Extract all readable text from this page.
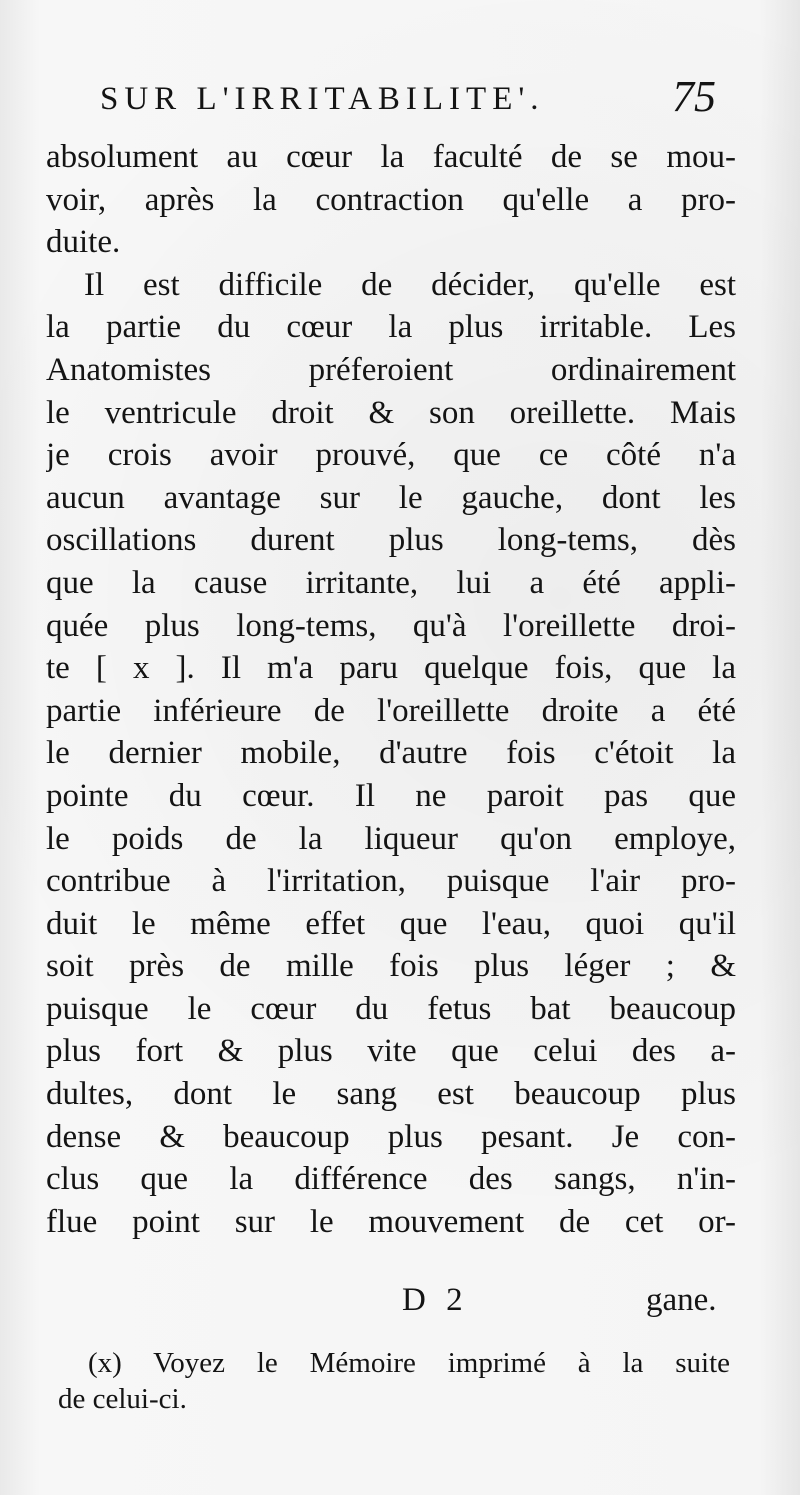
SUR L'IRRITABILITE'.	75
absolument au cœur la faculté de se mou-
voir, après la contraction qu'elle a pro-
duite.
Il est difficile de décider, qu'elle est
la partie du cœur la plus irritable. Les
Anatomistes préferoient ordinairement
le ventricule droit & son oreillette. Mais
je crois avoir prouvé, que ce côté n'a
aucun avantage sur le gauche, dont les
oscillations durent plus long-tems, dès
que la cause irritante, lui a été appli-
quée plus long-tems, qu'à l'oreillette droi-
te [ x ]. Il m'a paru quelque fois, que la
partie inférieure de l'oreillette droite a été
le dernier mobile, d'autre fois c'étoit la
pointe du cœur. Il ne paroit pas que
le poids de la liqueur qu'on employe,
contribue à l'irritation, puisque l'air pro-
duit le même effet que l'eau, quoi qu'il
soit près de mille fois plus léger ; &
puisque le cœur du fetus bat beaucoup
plus fort & plus vite que celui des a-
dultes, dont le sang est beaucoup plus
dense & beaucoup plus pesant. Je con-
clus que la différence des sangs, n'in-
flue point sur le mouvement de cet or-
D 2	gane.
(x) Voyez le Mémoire imprimé à la suite
de celui-ci.
